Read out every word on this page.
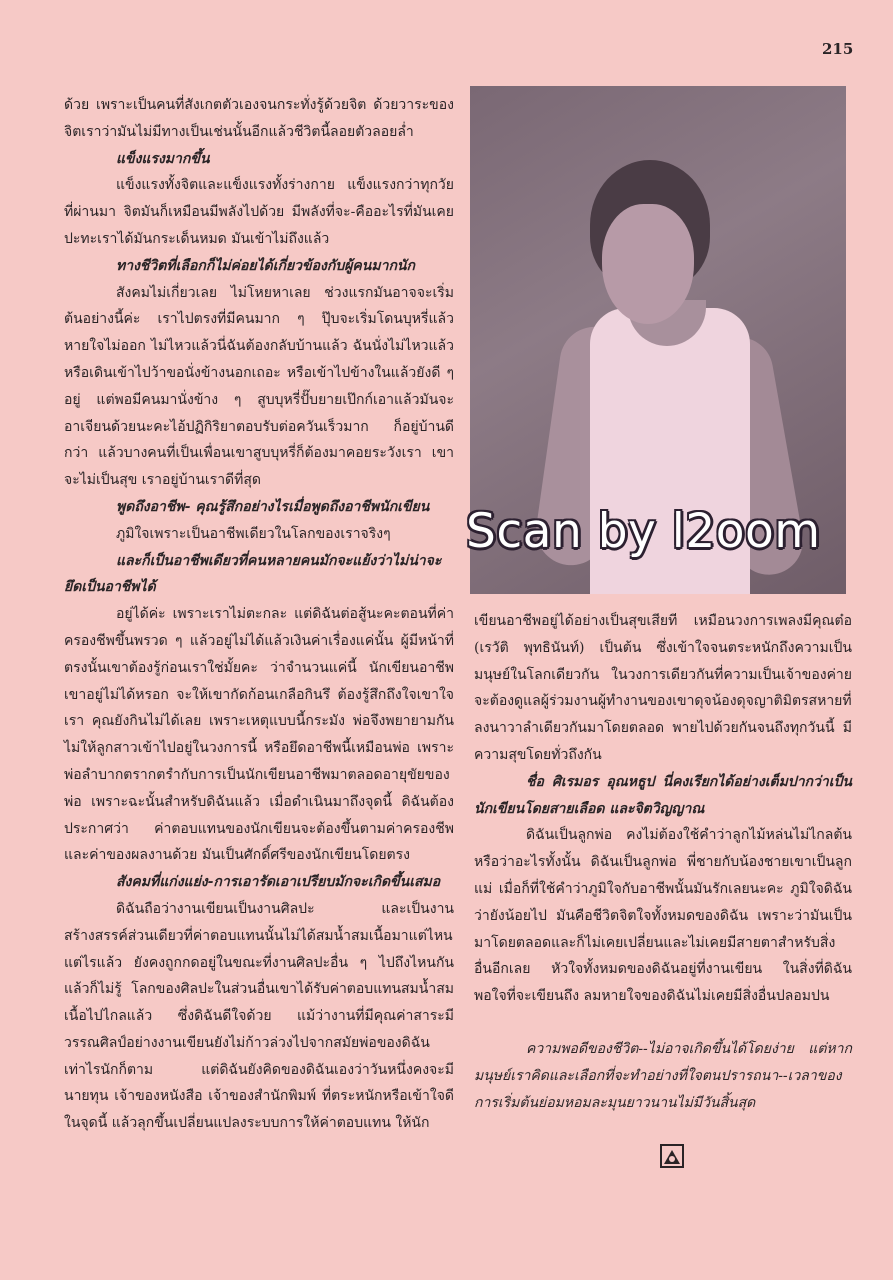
215

ด้วย เพราะเป็นคนที่สังเกตตัวเองจนกระทั่งรู้ด้วยจิต ด้วยวาระของจิตเราว่ามันไม่มีทางเป็นเช่นนั้นอีกแล้วชีวิตนี้ลอยตัวลอยล่ำ

แข็งแรงมากขึ้น

แข็งแรงทั้งจิตและแข็งแรงทั้งร่างกาย แข็งแรงกว่าทุกวัยที่ผ่านมา จิตมันก็เหมือนมีพลังไปด้วย มีพลังที่จะ-คืออะไรที่มันเคยปะทะเราได้มันกระเด็นหมด มันเข้าไม่ถึงแล้ว

ทางชีวิตที่เลือกก็ไม่ค่อยได้เกี่ยวข้องกับผู้คนมากนัก

สังคมไม่เกี่ยวเลย ไม่โหยหาเลย ช่วงแรกมันอาจจะเริ่มต้นอย่างนี้ค่ะ เราไปตรงที่มีคนมาก ๆ ปุ๊บจะเริ่มโดนบุหรี่แล้วหายใจไม่ออก ไม่ไหวแล้วนี่ฉันต้องกลับบ้านแล้ว ฉันนั่งไม่ไหวแล้วหรือเดินเข้าไปว้าขอนั่งข้างนอกเถอะ หรือเข้าไปข้างในแล้วยังดี ๆ อยู่ แต่พอมีคนมานั่งข้าง ๆ สูบบุหรี่ปั๊บยายเป๊กก์เอาแล้วมันจะอาเจียนด้วยนะคะไอ้ปฏิกิริยาตอบรับต่อควันเร็วมาก ก็อยู่บ้านดีกว่า แล้วบางคนที่เป็นเพื่อนเขาสูบบุหรี่ก็ต้องมาคอยระวังเรา เขาจะไม่เป็นสุข เราอยู่บ้านเราดีที่สุด

พูดถึงอาชีพ- คุณรู้สึกอย่างไรเมื่อพูดถึงอาชีพนักเขียน

ภูมิใจเพราะเป็นอาชีพเดียวในโลกของเราจริงๆ

และก็เป็นอาชีพเดียวที่คนหลายคนมักจะแย้งว่าไม่น่าจะยึดเป็นอาชีพได้

อยู่ได้ค่ะ เพราะเราไม่ตะกละ แต่ดิฉันต่อสู้นะคะตอนที่ค่าครองชีพขึ้นพรวด ๆ แล้วอยู่ไม่ได้แล้วเงินค่าเรื่องแค่นั้น ผู้มีหน้าที่ตรงนั้นเขาต้องรู้ก่อนเราใช่มั้ยคะ ว่าจำนวนแค่นี้ นักเขียนอาชีพเขาอยู่ไม่ได้หรอก จะให้เขากัดก้อนเกลือกินรึ ต้องรู้สึกถึงใจเขาใจเรา คุณยังกินไม่ได้เลย เพราะเหตุแบบนี้กระมัง พ่อจึงพยายามกันไม่ให้ลูกสาวเข้าไปอยู่ในวงการนี้ หรือยึดอาชีพนี้เหมือนพ่อ เพราะพ่อลำบากตรากตรำกับการเป็นนักเขียนอาชีพมาตลอดอายุขัยของพ่อ เพราะฉะนั้นสำหรับดิฉันแล้ว เมื่อดำเนินมาถึงจุดนี้ ดิฉันต้องประกาศว่า ค่าตอบแทนของนักเขียนจะต้องขึ้นตามค่าครองชีพและค่าของผลงานด้วย มันเป็นศักดิ์ศรีของนักเขียนโดยตรง

สังคมที่แก่งแย่ง-การเอารัดเอาเปรียบมักจะเกิดขึ้นเสมอ

ดิฉันถือว่างานเขียนเป็นงานศิลปะ และเป็นงานสร้างสรรค์ส่วนเดียวที่ค่าตอบแทนนั้นไม่ได้สมน้ำสมเนื้อมาแต่ไหนแต่ไรแล้ว ยังคงถูกกดอยู่ในขณะที่งานศิลปะอื่น ๆ ไปถึงไหนกันแล้วก็ไม่รู้ โลกของศิลปะในส่วนอื่นเขาได้รับค่าตอบแทนสมน้ำสมเนื้อไปไกลแล้ว ซึ่งดิฉันดีใจด้วย แม้ว่างานที่มีคุณค่าสาระมีวรรณศิลป์อย่างงานเขียนยังไม่ก้าวล่วงไปจากสมัยพ่อของดิฉันเท่าไรนักก็ตาม แต่ดิฉันยังคิดของดิฉันเองว่าวันหนึ่งคงจะมีนายทุน เจ้าของหนังสือ เจ้าของสำนักพิมพ์ ที่ตระหนักหรือเข้าใจดีในจุดนี้ แล้วลุกขึ้นเปลี่ยนแปลงระบบการให้ค่าตอบแทน ให้นัก

Scan by l2oom

เขียนอาชีพอยู่ได้อย่างเป็นสุขเสียที เหมือนวงการเพลงมีคุณต๋อ (เรวัติ พุทธินันท์) เป็นต้น ซึ่งเข้าใจจนตระหนักถึงความเป็นมนุษย์ในโลกเดียวกัน ในวงการเดียวกันที่ความเป็นเจ้าของค่ายจะต้องดูแลผู้ร่วมงานผู้ทำงานของเขาดุจน้องดุจญาติมิตรสหายที่ลงนาวาลำเดียวกันมาโดยตลอด พายไปด้วยกันจนถึงทุกวันนี้ มีความสุขโดยทั่วถึงกัน

ชื่อ ศิเรมอร อุณหธูป นี่คงเรียกได้อย่างเต็มปากว่าเป็นนักเขียนโดยสายเลือด และจิตวิญญาณ

ดิฉันเป็นลูกพ่อ คงไม่ต้องใช้คำว่าลูกไม้หล่นไม่ไกลต้นหรือว่าอะไรทั้งนั้น ดิฉันเป็นลูกพ่อ พี่ชายกับน้องชายเขาเป็นลูกแม่ เมื่อก็ที่ใช้คำว่าภูมิใจกับอาชีพนั้นมันรักเลยนะคะ ภูมิใจดิฉันว่ายังน้อยไป มันคือชีวิตจิตใจทั้งหมดของดิฉัน เพราะว่ามันเป็นมาโดยตลอดและก็ไม่เคยเปลี่ยนและไม่เคยมีสายตาสำหรับสิ่งอื่นอีกเลย หัวใจทั้งหมดของดิฉันอยู่ที่งานเขียน ในสิ่งที่ดิฉันพอใจที่จะเขียนถึง ลมหายใจของดิฉันไม่เคยมีสิ่งอื่นปลอมปน

ความพอดีของชีวิต--ไม่อาจเกิดขึ้นได้โดยง่าย แต่หากมนุษย์เราคิดและเลือกที่จะทำอย่างที่ใจตนปรารถนา--เวลาของการเริ่มต้นย่อมหอมละมุนยาวนานไม่มีวันสิ้นสุด
